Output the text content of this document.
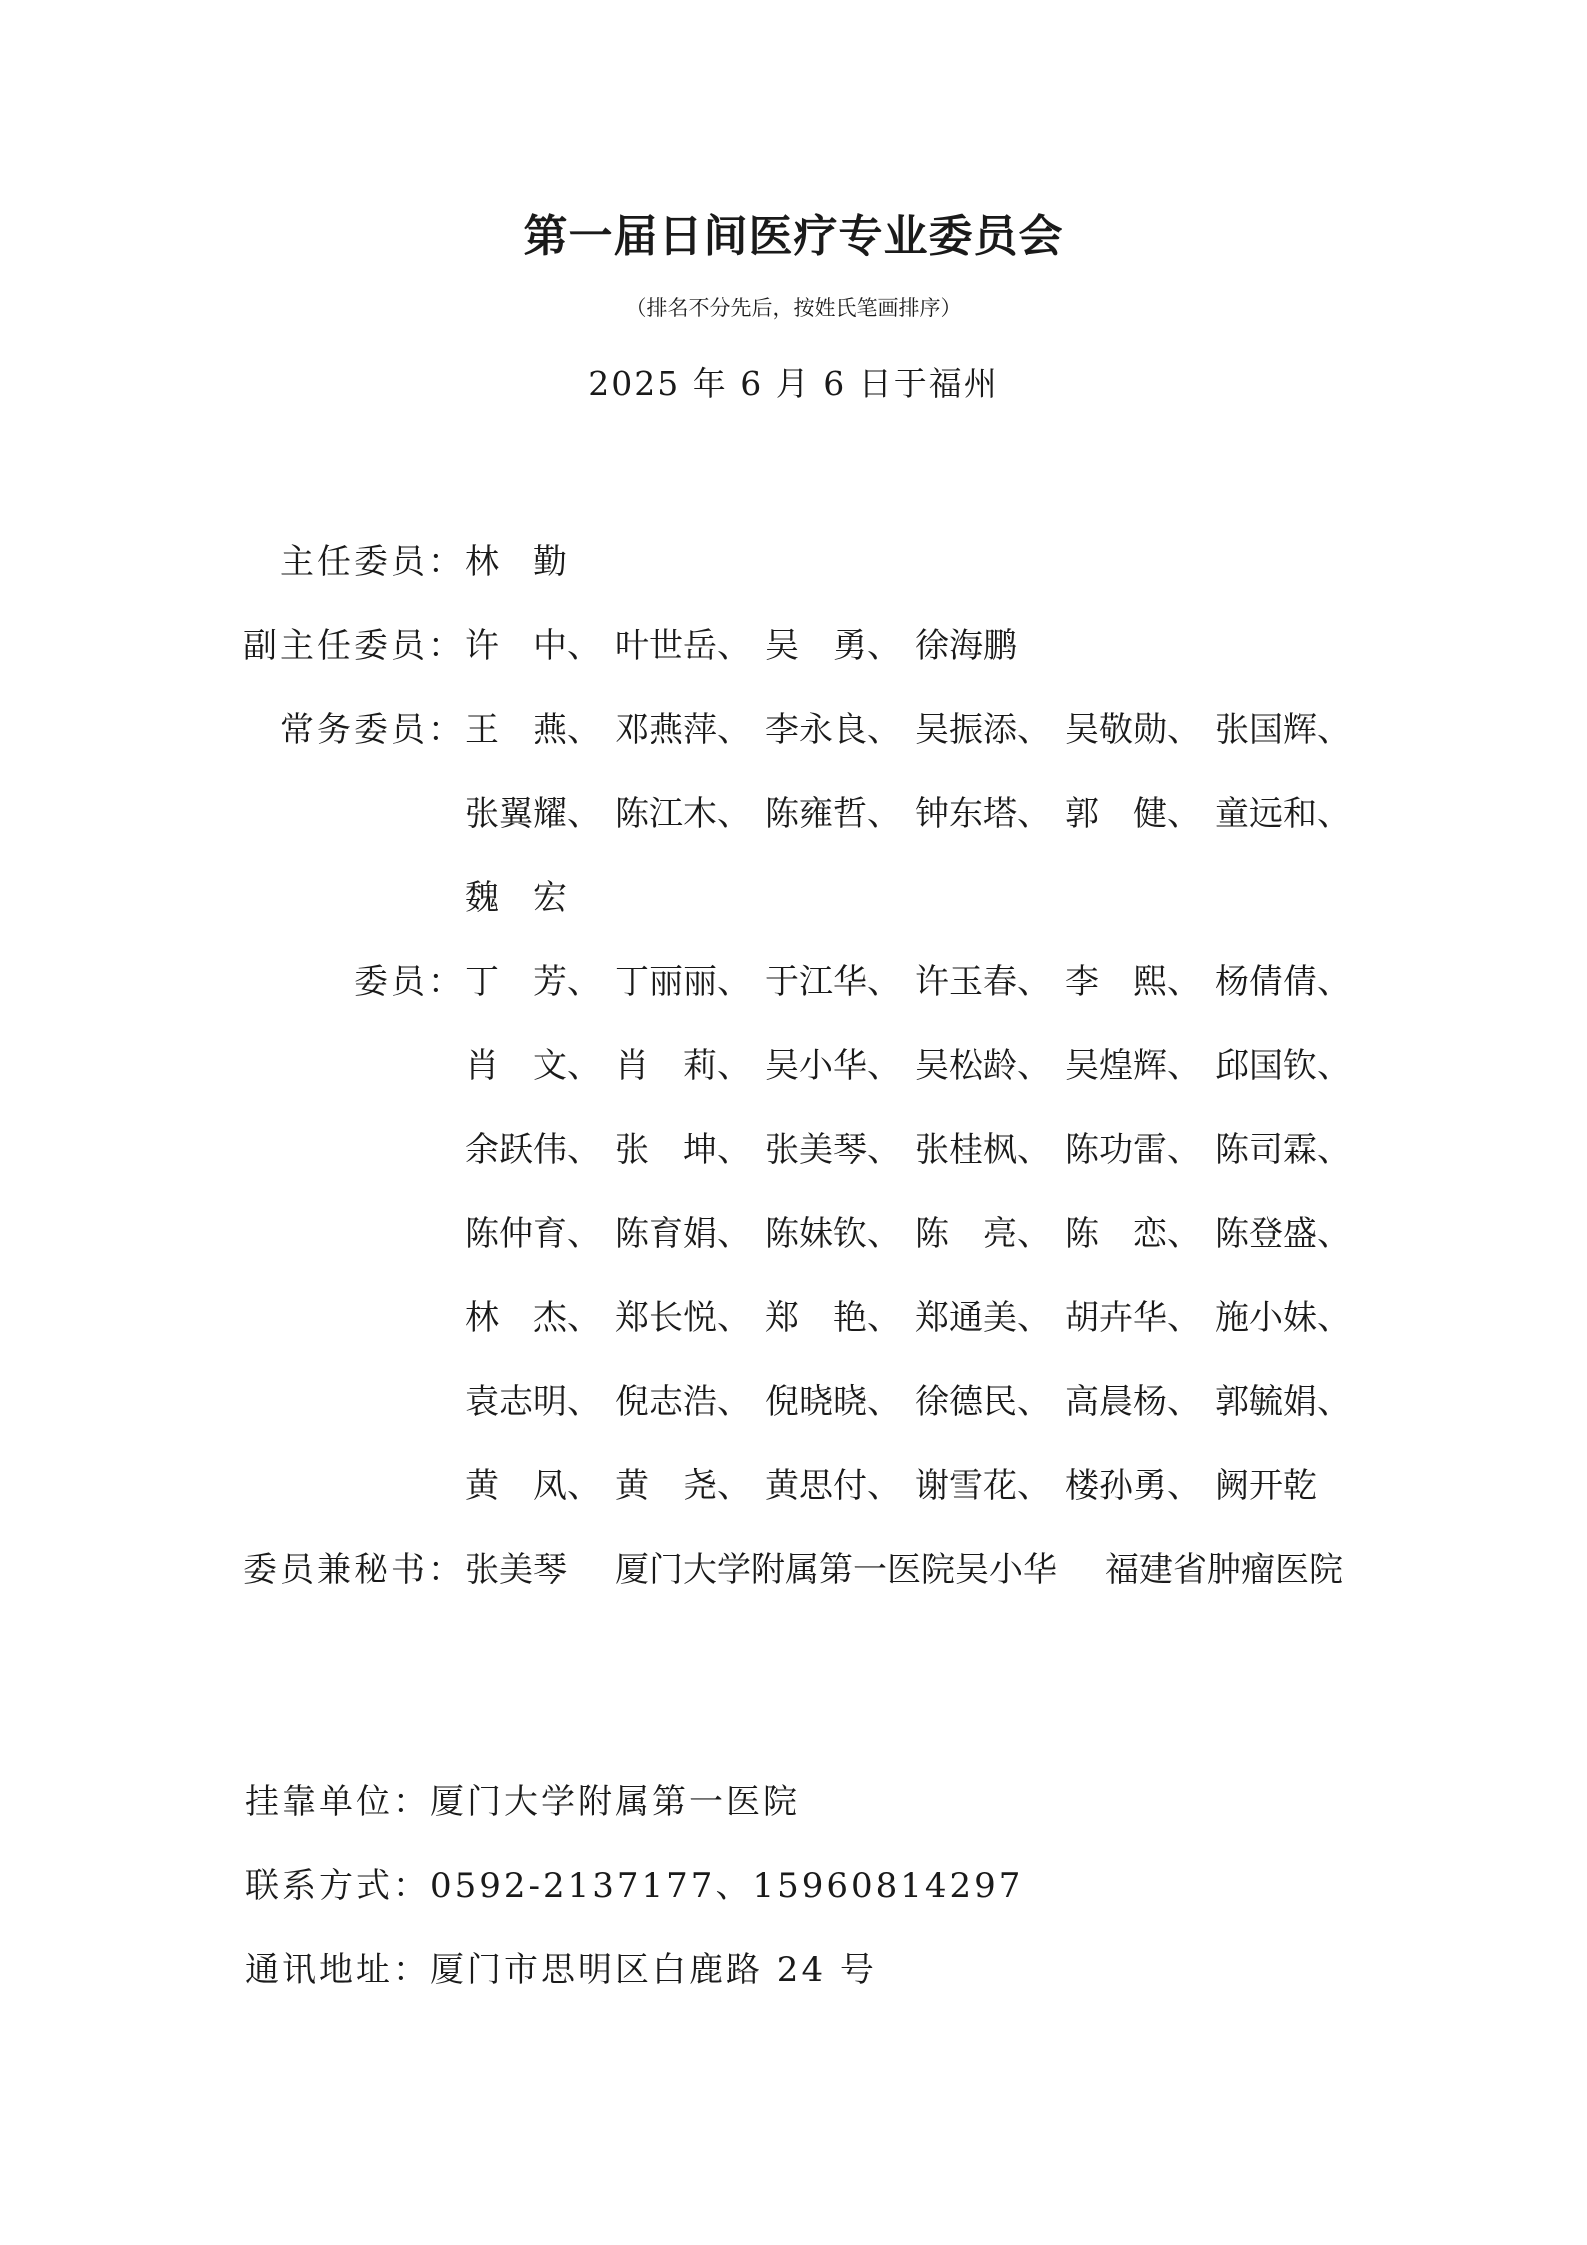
第一届日间医疗专业委员会
（排名不分先后，按姓氏笔画排序）
2025 年 6 月 6 日于福州
主任委员： 林　勤
副主任委员： 许　中、 叶世岳、 吴　勇、 徐海鹏
常务委员： 王　燕、 邓燕萍、 李永良、 吴振添、 吴敬勋、 张国辉、
张翼耀、 陈江木、 陈雍哲、 钟东塔、 郭　健、 童远和、
魏　宏
委员： 丁　芳、 丁丽丽、 于江华、 许玉春、 李　熙、 杨倩倩、
肖　文、 肖　莉、 吴小华、 吴松龄、 吴煌辉、 邱国钦、
余跃伟、 张　坤、 张美琴、 张桂枫、 陈功雷、 陈司霖、
陈仲育、 陈育娟、 陈妹钦、 陈　亮、 陈　恋、 陈登盛、
林　杰、 郑长悦、 郑　艳、 郑通美、 胡卉华、 施小妹、
袁志明、 倪志浩、 倪晓晓、 徐德民、 高晨杨、 郭毓娟、
黄　凤、 黄　尧、 黄思付、 谢雪花、 楼孙勇、 阙开乾
委员兼秘书： 张美琴	厦门大学附属第一医院 吴小华	福建省肿瘤医院
挂靠单位：厦门大学附属第一医院
联系方式：0592-2137177、15960814297
通讯地址：厦门市思明区白鹿路 24 号
